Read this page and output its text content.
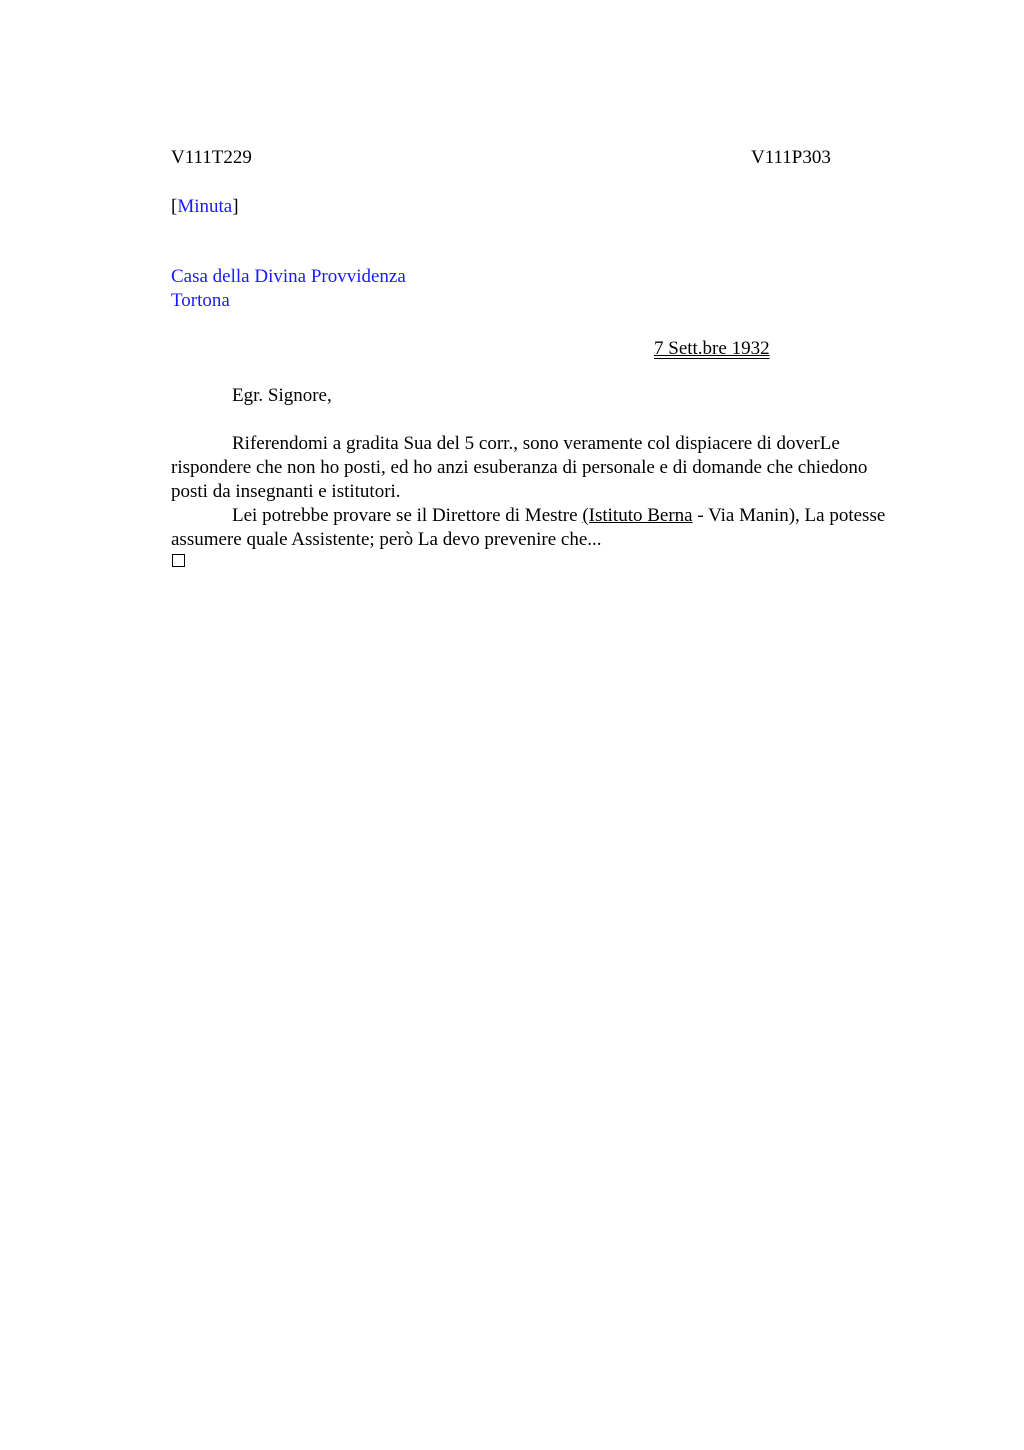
V111T229	V111P303
[Minuta]
Casa della Divina Provvidenza
Tortona
7 Sett.bre 1932
Egr. Signore,

Riferendomi a gradita Sua del 5 corr., sono veramente col dispiacere di doverLe rispondere che non ho posti, ed ho anzi esuberanza di personale e di domande che chiedono posti da insegnanti e istitutori.

Lei potrebbe provare se il Direttore di Mestre (Istituto Berna - Via Manin), La potesse assumere quale Assistente; però La devo prevenire che...
